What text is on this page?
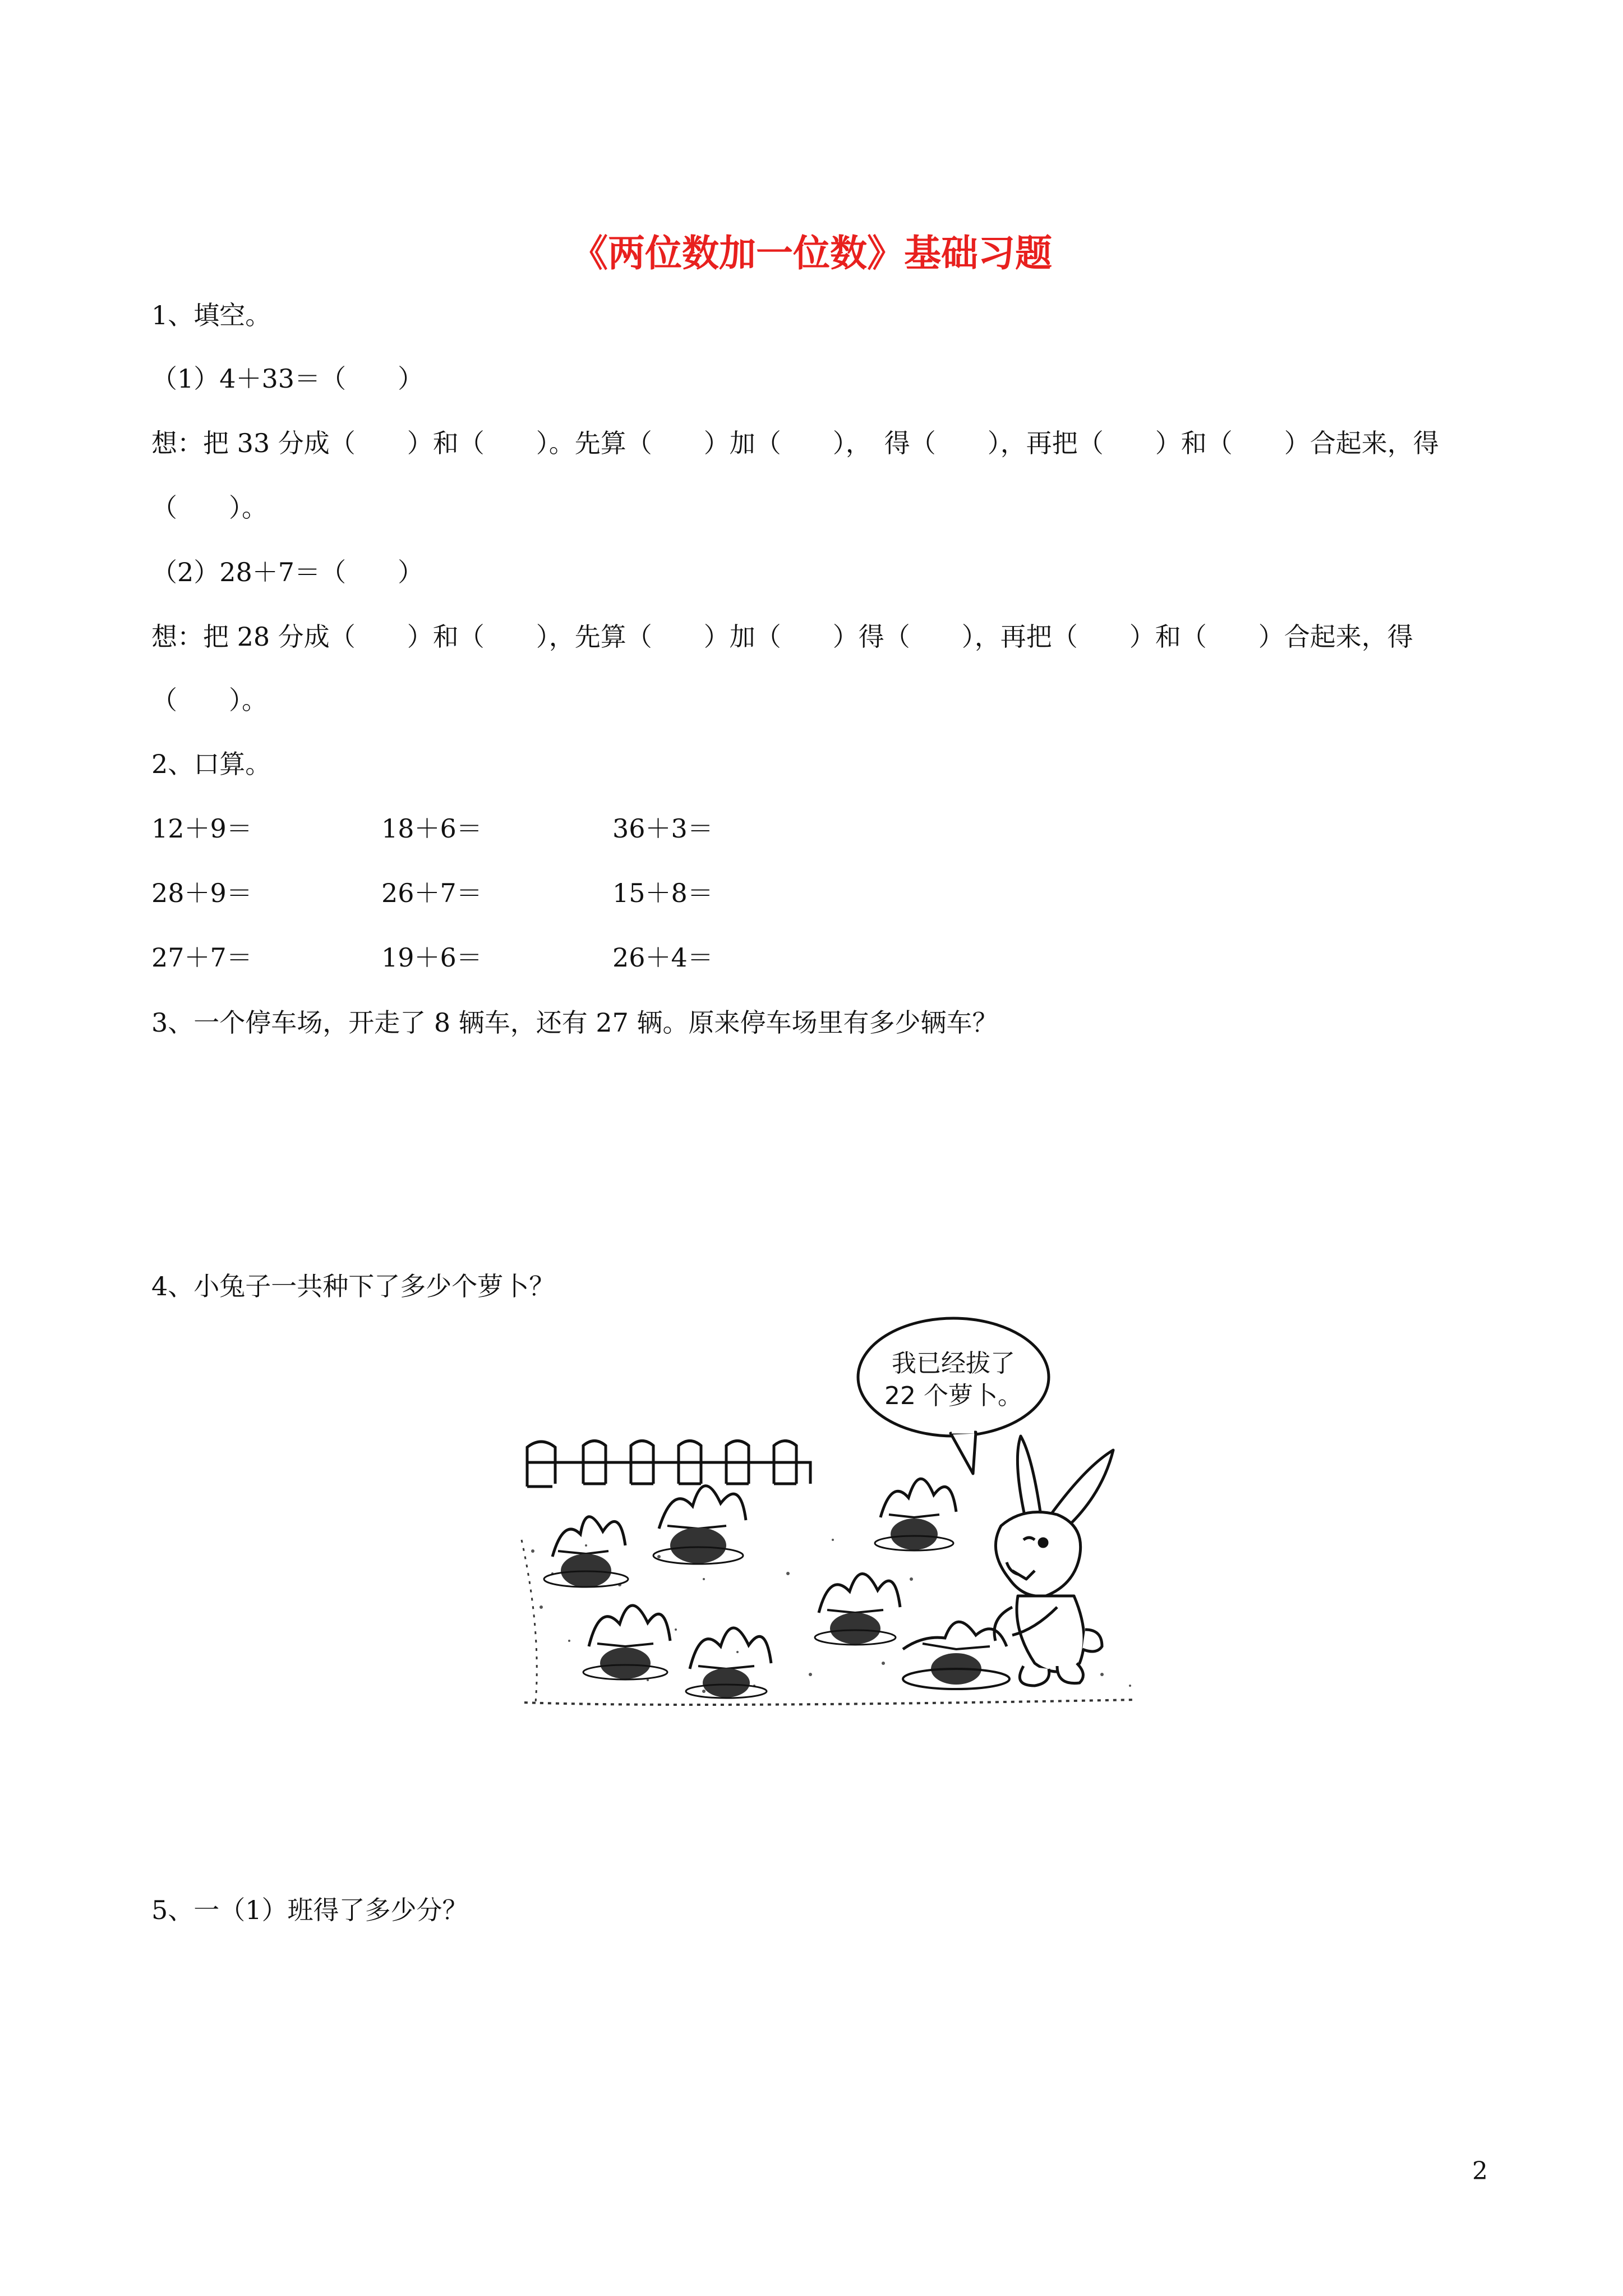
《两位数加一位数》基础习题
1、填空。
（1）4＋33＝（　　）
想：把 33 分成（　　）和（　　）。先算（　　）加（　　），　得（　　），再把（　　）和（　　）合起来，得
（　　）。
（2）28＋7＝（　　）
想：把 28 分成（　　）和（　　），先算（　　）加（　　）得（　　），再把（　　）和（　　）合起来，得
（　　）。
2、口算。
12＋9＝	18＋6＝	36＋3＝
28＋9＝	26＋7＝	15＋8＝
27＋7＝	19＋6＝	26＋4＝
3、一个停车场，开走了 8 辆车，还有 27 辆。原来停车场里有多少辆车？
4、小兔子一共种下了多少个萝卜？
我已经拔了
22 个萝卜。
5、一（1）班得了多少分？
2
